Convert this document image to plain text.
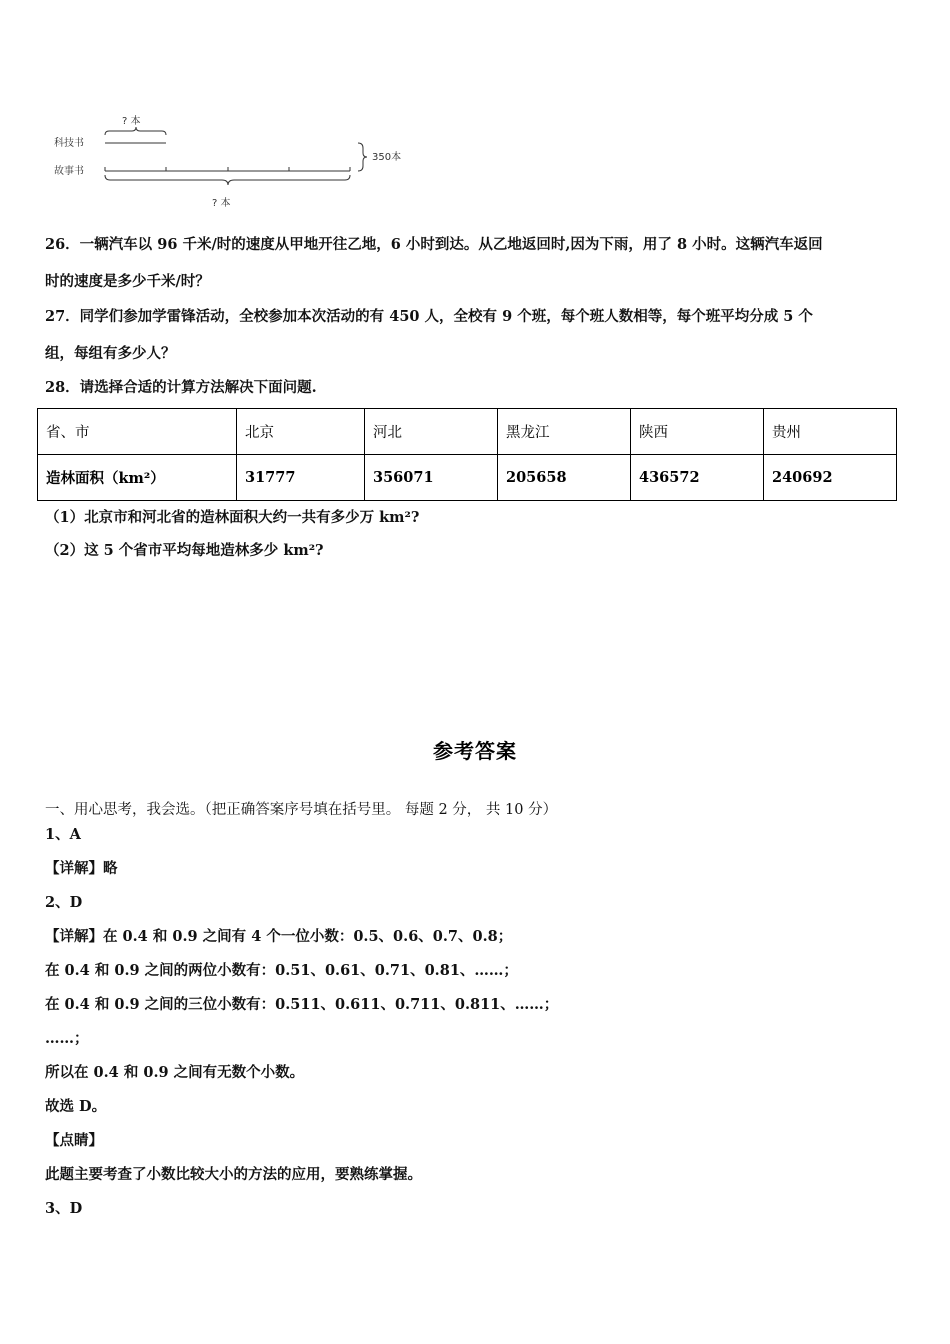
? 本
科技书
故事书
? 本
350本
26．一辆汽车以 96 千米/时的速度从甲地开往乙地，6 小时到达。从乙地返回时,因为下雨，用了 8 小时。这辆汽车返回
时的速度是多少千米/时？
27．同学们参加学雷锋活动，全校参加本次活动的有 450 人，全校有 9 个班，每个班人数相等，每个班平均分成 5 个
组，每组有多少人？
28．请选择合适的计算方法解决下面问题.
省、市	北京	河北	黑龙江	陕西	贵州
造林面积（km²）	31777	356071	205658	436572	240692
（1）北京市和河北省的造林面积大约一共有多少万 km²?
（2）这 5 个省市平均每地造林多少 km²?
参考答案
一、用心思考，我会选。（把正确答案序号填在括号里。 每题 2 分， 共 10 分）
1、A
【详解】略
2、D
【详解】在 0.4 和 0.9 之间有 4 个一位小数：0.5、0.6、0.7、0.8；
在 0.4 和 0.9 之间的两位小数有：0.51、0.61、0.71、0.81、……；
在 0.4 和 0.9 之间的三位小数有：0.511、0.611、0.711、0.811、……；
……；
所以在 0.4 和 0.9 之间有无数个小数。
故选 D。
【点睛】
此题主要考查了小数比较大小的方法的应用，要熟练掌握。
3、D
